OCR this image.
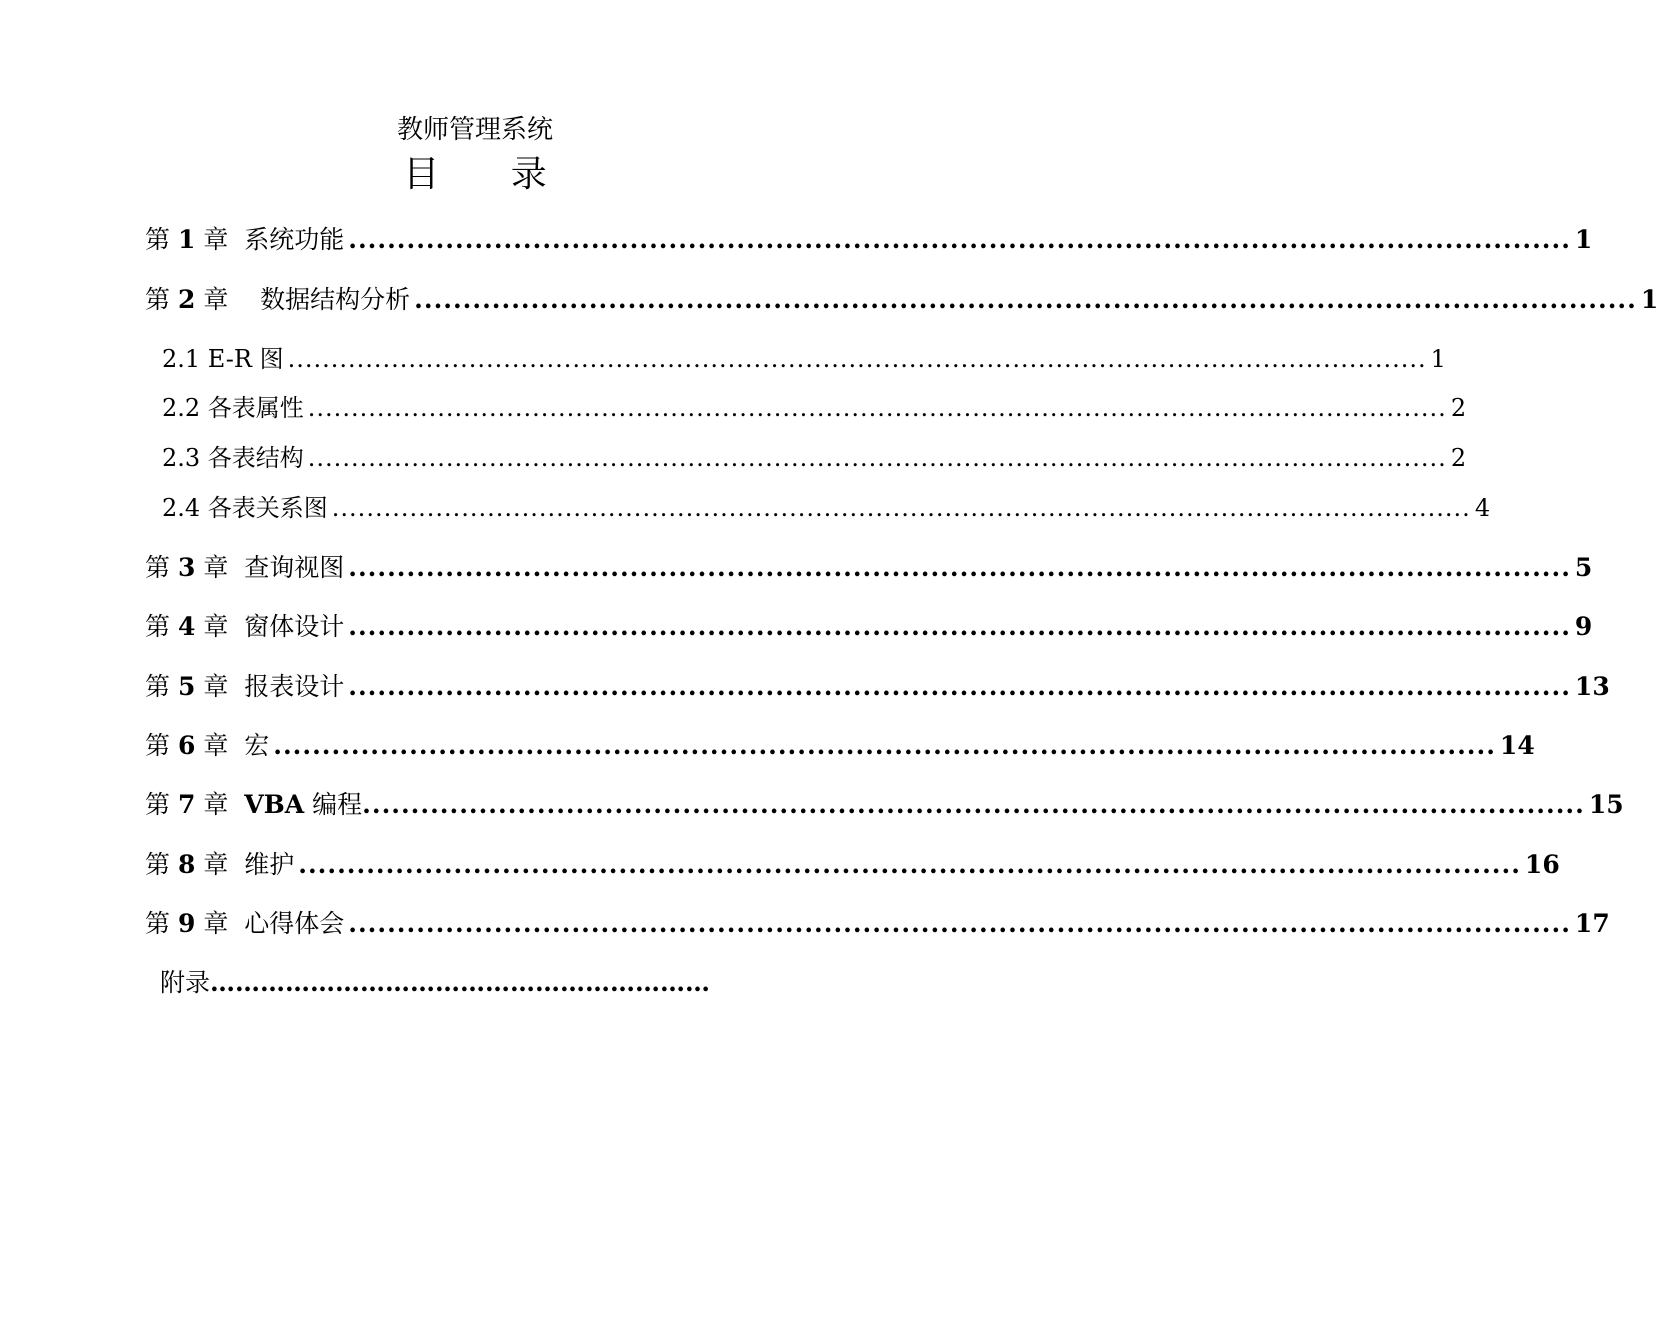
教师管理系统
目 录
第 1 章 系统功能 .............................................................................................................................. 1
第 2 章 数据结构分析 .............................................................................................................................. 1
2.1 E-R 图 .................................................................................................................................... 1
2.2 各表属性 .................................................................................................................................... 2
2.3 各表结构 .................................................................................................................................... 2
2.4 各表关系图 .................................................................................................................................... 4
第 3 章 查询视图 .............................................................................................................................. 5
第 4 章 窗体设计 .............................................................................................................................. 9
第 5 章 报表设计 .............................................................................................................................. 13
第 6 章 宏 .............................................................................................................................. 14
第 7 章 VBA 编程 .............................................................................................................................. 15
第 8 章 维护 .............................................................................................................................. 16
第 9 章 心得体会 .............................................................................................................................. 17
附录 ……………………………………………………
